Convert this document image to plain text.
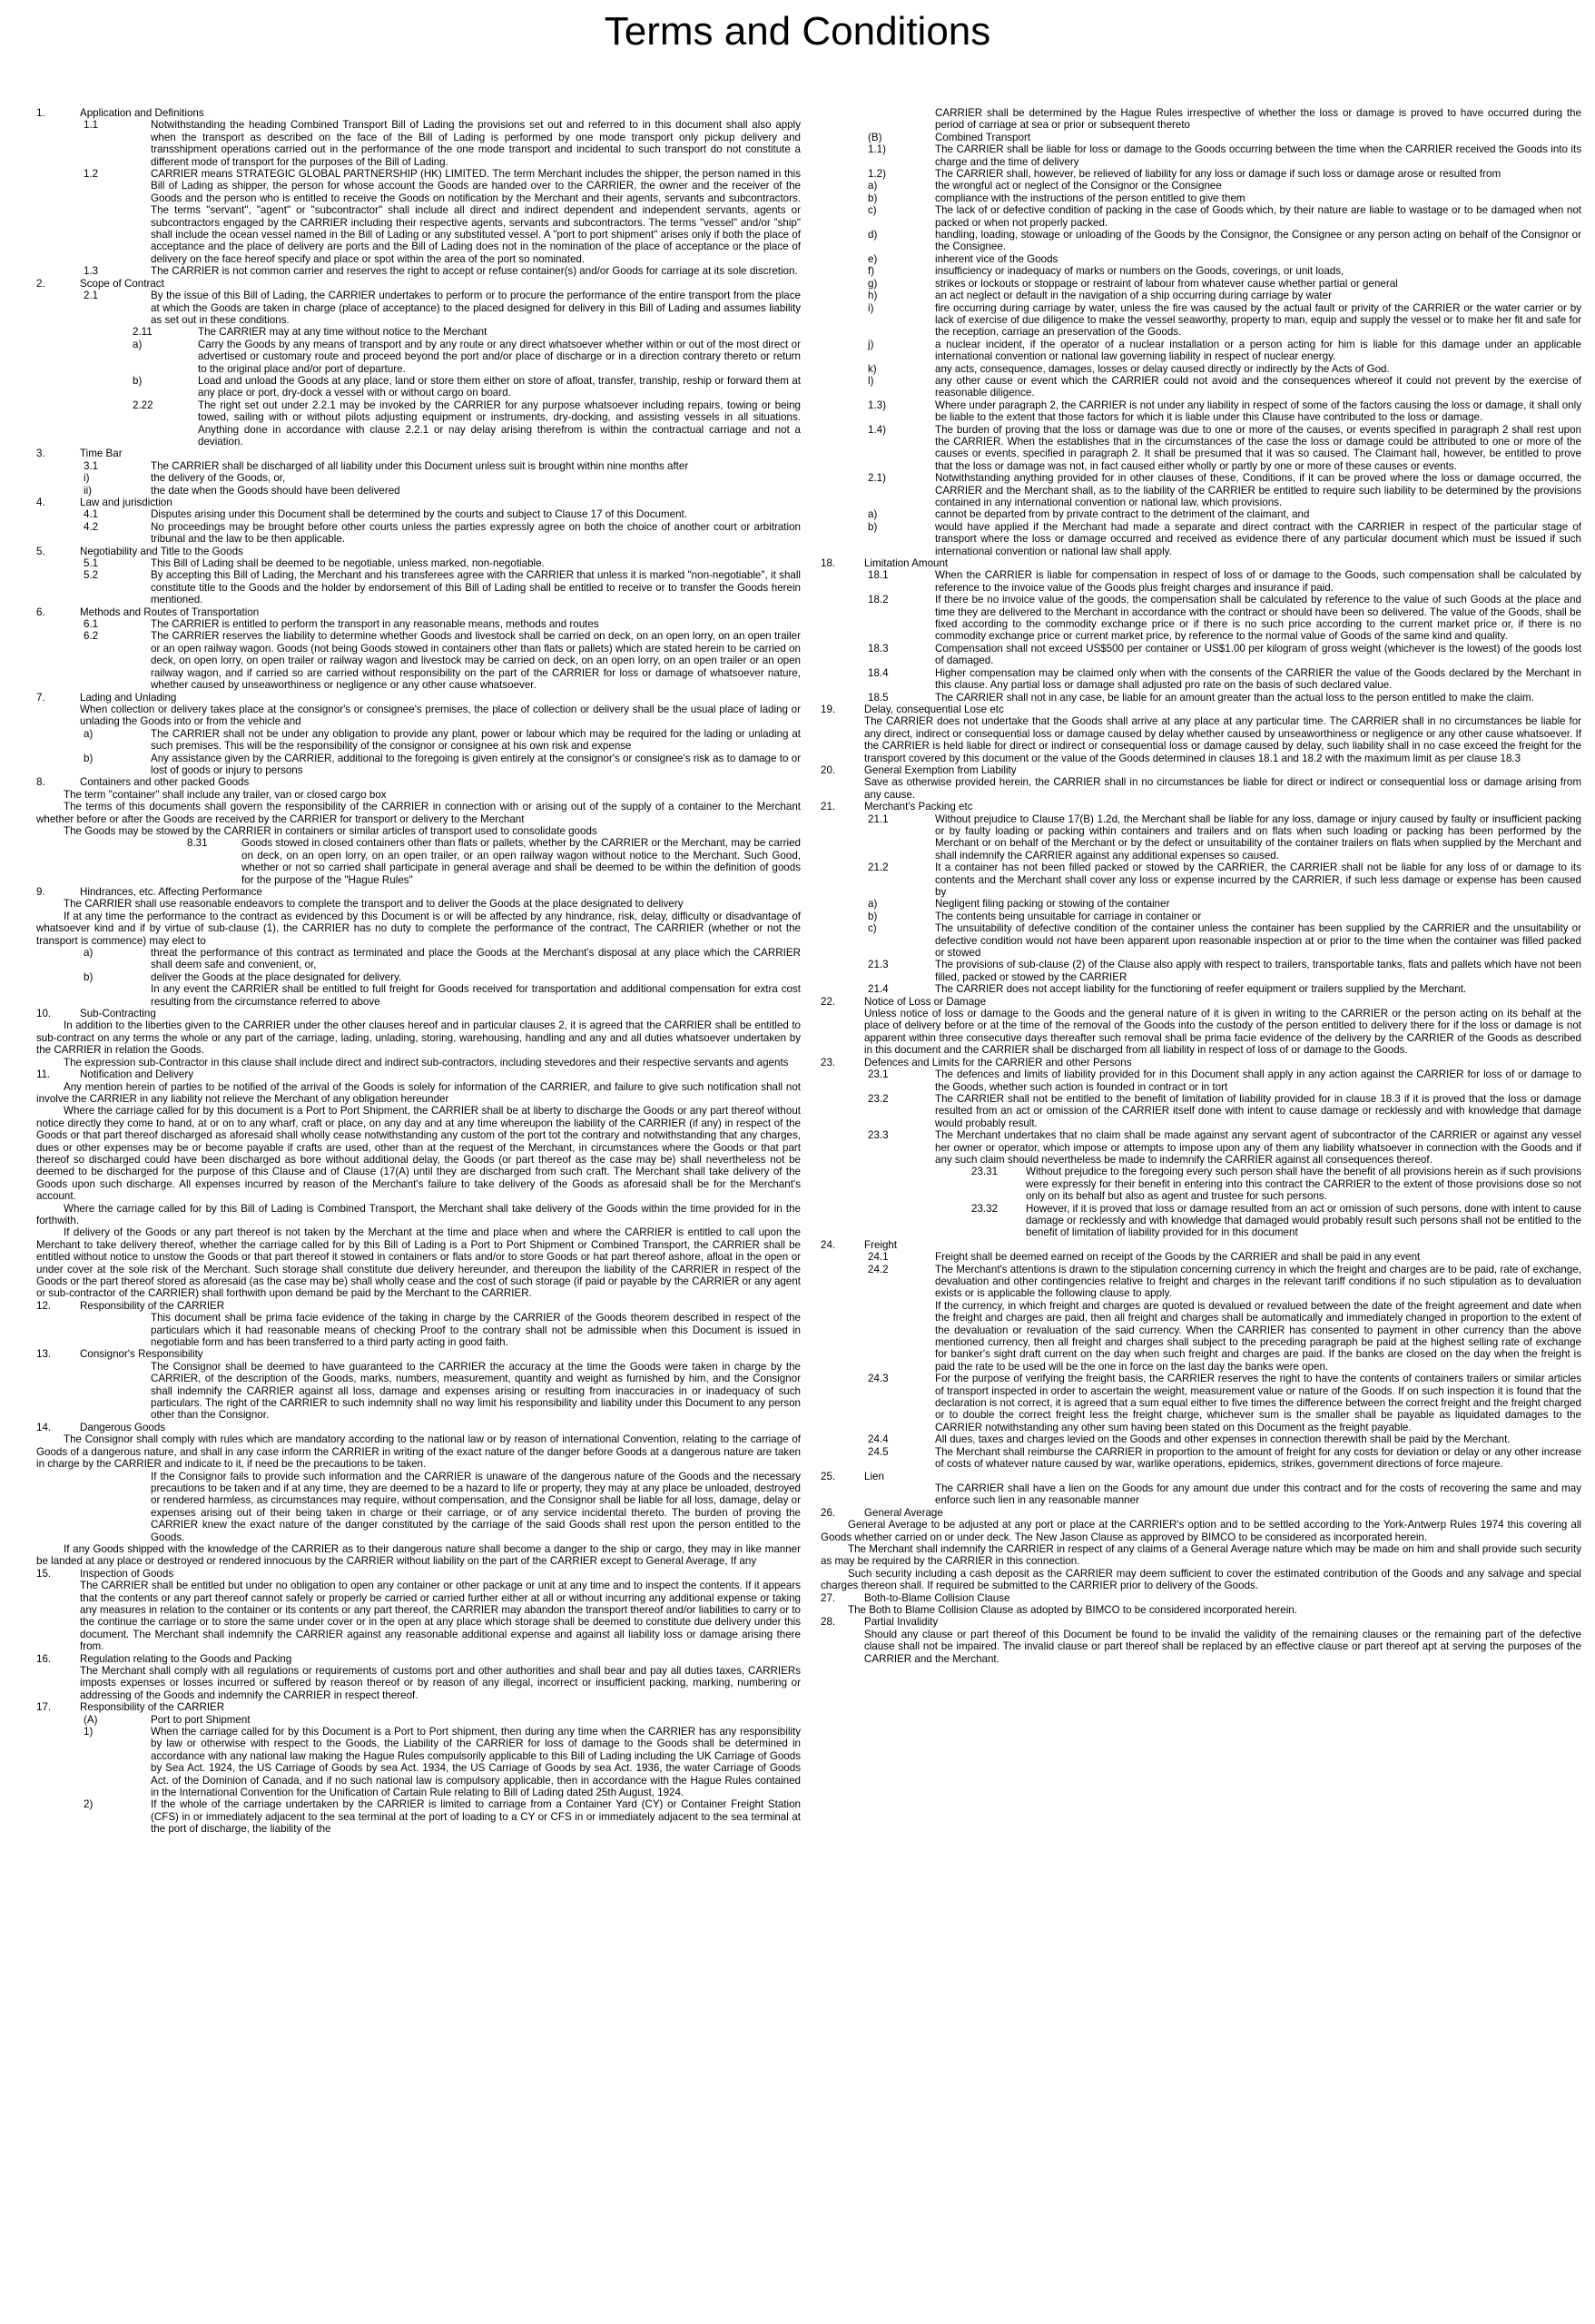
Terms and Conditions
1.	Application and Definitions
1.1	Notwithstanding the heading Combined Transport Bill of Lading the provisions set out and referred to in this document shall also apply when the transport as described on the face of the Bill of Lading is performed by one mode transport only pickup delivery and transshipment operations carried out in the performance of the one mode transport and incidental to such transport do not constitute a different mode of transport for the purposes of the Bill of Lading.
1.2	CARRIER means STRATEGIC GLOBAL PARTNERSHIP (HK) LIMITED. The term Merchant includes the shipper, the person named in this Bill of Lading as shipper, the person for whose account the Goods are handed over to the CARRIER, the owner and the receiver of the Goods and the person who is entitled to receive the Goods on notification by the Merchant and their agents, servants and subcontractors. The terms "servant", "agent" or "subcontractor" shall include all direct and indirect dependent and independent servants, agents or subcontractors engaged by the CARRIER including their respective agents, servants and subcontractors. The terms "vessel" and/or "ship" shall include the ocean vessel named in the Bill of Lading or any substituted vessel. A "port to port shipment" arises only if both the place of acceptance and the place of delivery are ports and the Bill of Lading does not in the nomination of the place of acceptance or the place of delivery on the face hereof specify and place or spot within the area of the port so nominated.
1.3	The CARRIER is not common carrier and reserves the right to accept or refuse container(s) and/or Goods for carriage at its sole discretion.
2.	Scope of Contract
2.1	By the issue of this Bill of Lading, the CARRIER undertakes to perform or to procure the performance of the entire transport from the place at which the Goods are taken in charge (place of acceptance) to the placed designed for delivery in this Bill of Lading and assumes liability as set out in these conditions.
2.11	The CARRIER may at any time without notice to the Merchant
a)	Carry the Goods by any means of transport and by any route or any direct whatsoever whether within or out of the most direct or advertised or customary route and proceed beyond the port and/or place of discharge or in a direction contrary thereto or return to the original place and/or port of departure.
b)	Load and unload the Goods at any place, land or store them either on store of afloat, transfer, tranship, reship or forward them at any place or port, dry-dock a vessel with or without cargo on board.
2.22	The right set out under 2.2.1 may be invoked by the CARRIER for any purpose whatsoever including repairs, towing or being towed, sailing with or without pilots adjusting equipment or instruments, dry-docking, and assisting vessels in all situations. Anything done in accordance with clause 2.2.1 or nay delay arising therefrom is within the contractual carriage and not a deviation.
3.	Time Bar
3.1	The CARRIER shall be discharged of all liability under this Document unless suit is brought within nine months after
i)	the delivery of the Goods, or,
ii)	the date when the Goods should have been delivered
4.	Law and jurisdiction
4.1	Disputes arising under this Document shall be determined by the courts and subject to Clause 17 of this Document.
4.2	No proceedings may be brought before other courts unless the parties expressly agree on both the choice of another court or arbitration tribunal and the law to be then applicable.
5.	Negotiability and Title to the Goods
5.1	This Bill of Lading shall be deemed to be negotiable, unless marked, non-negotiable.
5.2	By accepting this Bill of Lading, the Merchant and his transferees agree with the CARRIER that unless it is marked "non-negotiable", it shall constitute title to the Goods and the holder by endorsement of this Bill of Lading shall be entitled to receive or to transfer the Goods herein mentioned.
6.	Methods and Routes of Transportation
6.1	The CARRIER is entitled to perform the transport in any reasonable means, methods and routes
6.2	The CARRIER reserves the liability to determine whether Goods and livestock shall be carried on deck, on an open lorry, on an open trailer or an open railway wagon. Goods (not being Goods stowed in containers other than flats or pallets) which are stated herein to be carried on deck, on open lorry, on open trailer or railway wagon and livestock may be carried on deck, on an open lorry, on an open trailer or an open railway wagon, and if carried so are carried without responsibility on the part of the CARRIER for loss or damage of whatsoever nature, whether caused by unseaworthiness or negligence or any other cause whatsoever.
7.	Lading and Unlading
When collection or delivery takes place at the consignor's or consignee's premises, the place of collection or delivery shall be the usual place of lading or unlading the Goods into or from the vehicle and
a)	The CARRIER shall not be under any obligation to provide any plant, power or labour which may be required for the lading or unlading at such premises. This will be the responsibility of the consignor or consignee at his own risk and expense
b)	Any assistance given by the CARRIER, additional to the foregoing is given entirely at the consignor's or consignee's risk as to damage to or lost of goods or injury to persons
8.	Containers and other packed Goods
The term "container" shall include any trailer, van or closed cargo box
The terms of this documents shall govern the responsibility of the CARRIER in connection with or arising out of the supply of a container to the Merchant whether before or after the Goods are received by the CARRIER for transport or delivery to the Merchant
The Goods may be stowed by the CARRIER in containers or similar articles of transport used to consolidate goods
8.31	Goods stowed in closed containers other than flats or pallets, whether by the CARRIER or the Merchant, may be carried on deck, on an open lorry, on an open trailer, or an open railway wagon without notice to the Merchant. Such Good, whether or not so carried shall participate in general average and shall be deemed to be within the definition of goods for the purpose of the "Hague Rules"
9.	Hindrances, etc. Affecting Performance
The CARRIER shall use reasonable endeavors to complete the transport and to deliver the Goods at the place designated to delivery
If at any time the performance to the contract as evidenced by this Document is or will be affected by any hindrance, risk, delay, difficulty or disadvantage of whatsoever kind and if by virtue of sub-clause (1), the CARRIER has no duty to complete the performance of the contract, The CARRIER (whether or not the transport is commence) may elect to
a)	threat the performance of this contract as terminated and place the Goods at the Merchant's disposal at any place which the CARRIER shall deem safe and convenient, or,
b)	deliver the Goods at the place designated for delivery.
In any event the CARRIER shall be entitled to full freight for Goods received for transportation and additional compensation for extra cost resulting from the circumstance referred to above
10.	Sub-Contracting
In addition to the liberties given to the CARRIER under the other clauses hereof and in particular clauses 2, it is agreed that the CARRIER shall be entitled to sub-contract on any terms the whole or any part of the carriage, lading, unlading, storing, warehousing, handling and any and all duties whatsoever undertaken by the CARRIER in relation the Goods.
The expression sub-Contractor in this clause shall include direct and indirect sub-contractors, including stevedores and their respective servants and agents
11.	Notification and Delivery
Any mention herein of parties to be notified of the arrival of the Goods is solely for information of the CARRIER, and failure to give such notification shall not involve the CARRIER in any liability not relieve the Merchant of any obligation hereunder
Where the carriage called for by this document is a Port to Port Shipment, the CARRIER shall be at liberty to discharge the Goods or any part thereof without notice directly they come to hand, at or on to any wharf, craft or place, on any day and at any time whereupon the liability of the CARRIER (if any) in respect of the Goods or that part thereof discharged as aforesaid shall wholly cease notwithstanding any custom of the port tot the contrary and notwithstanding that any charges, dues or other expenses may be or become payable if crafts are used, other than at the request of the Merchant, in circumstances where the Goods or that part thereof so discharged could have been discharged as bore without additional delay, the Goods (or part thereof as the case may be) shall nevertheless not be deemed to be discharged for the purpose of this Clause and of Clause (17(A) until they are discharged from such craft. The Merchant shall take delivery of the Goods upon such discharge. All expenses incurred by reason of the Merchant's failure to take delivery of the Goods as aforesaid shall be for the Merchant's account.
Where the carriage called for by this Bill of Lading is Combined Transport, the Merchant shall take delivery of the Goods within the time provided for in the forthwith.
If delivery of the Goods or any part thereof is not taken by the Merchant at the time and place when and where the CARRIER is entitled to call upon the Merchant to take delivery thereof, whether the carriage called for by this Bill of Lading is a Port to Port Shipment or Combined Transport, the CARRIER shall be entitled without notice to unstow the Goods or that part thereof it stowed in containers or flats and/or to store Goods or hat part thereof ashore, afloat in the open or under cover at the sole risk of the Merchant. Such storage shall constitute due delivery hereunder, and thereupon the liability of the CARRIER in respect of the Goods or the part thereof stored as aforesaid (as the case may be) shall wholly cease and the cost of such storage (if paid or payable by the CARRIER or any agent or sub-contractor of the CARRIER) shall forthwith upon demand be paid by the Merchant to the CARRIER.
12.	Responsibility of the CARRIER
This document shall be prima facie evidence of the taking in charge by the CARRIER of the Goods theorem described in respect of the particulars which it had reasonable means of checking Proof to the contrary shall not be admissible when this Document is issued in negotiable form and has been transferred to a third party acting in good faith.
13.	Consignor's Responsibility
The Consignor shall be deemed to have guaranteed to the CARRIER the accuracy at the time the Goods were taken in charge by the CARRIER, of the description of the Goods, marks, numbers, measurement, quantity and weight as furnished by him, and the Consignor shall indemnify the CARRIER against all loss, damage and expenses arising or resulting from inaccuracies in or inadequacy of such particulars. The right of the CARRIER to such indemnity shall no way limit his responsibility and liability under this Document to any person other than the Consignor.
14.	Dangerous Goods
The Consignor shall comply with rules which are mandatory according to the national law or by reason of international Convention, relating to the carriage of Goods of a dangerous nature, and shall in any case inform the CARRIER in writing of the exact nature of the danger before Goods at a dangerous nature are taken in charge by the CARRIER and indicate to it, if need be the precautions to be taken.
If the Consignor fails to provide such information and the CARRIER is unaware of the dangerous nature of the Goods and the necessary precautions to be taken and if at any time, they are deemed to be a hazard to life or property, they may at any place be unloaded, destroyed or rendered harmless, as circumstances may require, without compensation, and the Consignor shall be liable for all loss, damage, delay or expenses arising out of their being taken in charge or their carriage, or of any service incidental thereto. The burden of proving the CARRIER knew the exact nature of the danger constituted by the carriage of the said Goods shall rest upon the person entitled to the Goods.
If any Goods shipped with the knowledge of the CARRIER as to their dangerous nature shall become a danger to the ship or cargo, they may in like manner be landed at any place or destroyed or rendered innocuous by the CARRIER without liability on the part of the CARRIER except to General Average, If any
15.	Inspection of Goods
The CARRIER shall be entitled but under no obligation to open any container or other package or unit at any time and to inspect the contents. If it appears that the contents or any part thereof cannot safely or properly be carried or carried further either at all or without incurring any additional expense or taking any measures in relation to the container or its contents or any part thereof, the CARRIER may abandon the transport thereof and/or liabilities to carry or to the continue the carriage or to store the same under cover or in the open at any place which storage shall be deemed to constitute due delivery under this document. The Merchant shall indemnify the CARRIER against any reasonable additional expense and against all liability loss or damage arising there from.
16.	Regulation relating to the Goods and Packing
The Merchant shall comply with all regulations or requirements of customs port and other authorities and shall bear and pay all duties taxes, CARRIERs imposts expenses or losses incurred or suffered by reason thereof or by reason of any illegal, incorrect or insufficient packing, marking, numbering or addressing of the Goods and indemnify the CARRIER in respect thereof.
17.	Responsibility of the CARRIER
(A)	Port to port Shipment
1)	When the carriage called for by this Document is a Port to Port shipment, then during any time when the CARRIER has any responsibility by law or otherwise with respect to the Goods, the Liability of the CARRIER for loss of damage to the Goods shall be determined in accordance with any national law making the Hague Rules compulsorily applicable to this Bill of Lading including the UK Carriage of Goods by Sea Act. 1924, the US Carriage of Goods by sea Act. 1934, the US Carriage of Goods by sea Act. 1936, the water Carriage of Goods Act. of the Dominion of Canada, and if no such national law is compulsory applicable, then in accordance with the Hague Rules contained in the International Convention for the Unification of Cartain Rule relating to Bill of Lading dated 25th August, 1924.
2)	If the whole of the carriage undertaken by the CARRIER is limited to carriage from a Container Yard (CY) or Container Freight Station (CFS) in or immediately adjacent to the sea terminal at the port of loading to a CY or CFS in or immediately adjacent to the sea terminal at the port of discharge, the liability of the
CARRIER shall be determined by the Hague Rules irrespective of whether the loss or damage is proved to have occurred during the period of carriage at sea or prior or subsequent thereto
(B)	Combined Transport
1.1)	The CARRIER shall be liable for loss or damage to the Goods occurring between the time when the CARRIER received the Goods into its charge and the time of delivery
1.2)	The CARRIER shall, however, be relieved of liability for any loss or damage if such loss or damage arose or resulted from
a)	the wrongful act or neglect of the Consignor or the Consignee
b)	compliance with the instructions of the person entitled to give them
c)	The lack of or defective condition of packing in the case of Goods which, by their nature are liable to wastage or to be damaged when not packed or when not properly packed.
d)	handling, loading, stowage or unloading of the Goods by the Consignor, the Consignee or any person acting on behalf of the Consignor or the Consignee.
e)	inherent vice of the Goods
f)	insufficiency or inadequacy of marks or numbers on the Goods, coverings, or unit loads,
g)	strikes or lockouts or stoppage or restraint of labour from whatever cause whether partial or general
h)	an act neglect or default in the navigation of a ship occurring during carriage by water
i)	fire occurring during carriage by water, unless the fire was caused by the actual fault or privity of the CARRIER or the water carrier or by lack of exercise of due diligence to make the vessel seaworthy, property to man, equip and supply the vessel or to make her fit and safe for the reception, carriage an preservation of the Goods.
j)	a nuclear incident, if the operator of a nuclear installation or a person acting for him is liable for this damage under an applicable international convention or national law governing liability in respect of nuclear energy.
k)	any acts, consequence, damages, losses or delay caused directly or indirectly by the Acts of God.
l)	any other cause or event which the CARRIER could not avoid and the consequences whereof it could not prevent by the exercise of reasonable diligence.
1.3)	Where under paragraph 2, the CARRIER is not under any liability in respect of some of the factors causing the loss or damage, it shall only be liable to the extent that those factors for which it is liable under this Clause have contributed to the loss or damage.
1.4)	The burden of proving that the loss or damage was due to one or more of the causes, or events specified in paragraph 2 shall rest upon the CARRIER. When the establishes that in the circumstances of the case the loss or damage could be attributed to one or more of the causes or events, specified in paragraph 2. It shall be presumed that it was so caused. The Claimant hall, however, be entitled to prove that the loss or damage was not, in fact caused either wholly or partly by one or more of these causes or events.
2.1)	Notwithstanding anything provided for in other clauses of these, Conditions, if it can be proved where the loss or damage occurred, the CARRIER and the Merchant shall, as to the liability of the CARRIER be entitled to require such liability to be determined by the provisions contained in any international convention or national law, which provisions.
a)	cannot be departed from by private contract to the detriment of the claimant, and
b)	would have applied if the Merchant had made a separate and direct contract with the CARRIER in respect of the particular stage of transport where the loss or damage occurred and received as evidence there of any particular document which must be issued if such international convention or national law shall apply.
18.	Limitation Amount
18.1	When the CARRIER is liable for compensation in respect of loss of or damage to the Goods, such compensation shall be calculated by reference to the invoice value of the Goods plus freight charges and insurance if paid.
18.2	If there be no invoice value of the goods, the compensation shall be calculated by reference to the value of such Goods at the place and time they are delivered to the Merchant in accordance with the contract or should have been so delivered. The value of the Goods, shall be fixed according to the commodity exchange price or if there is no such price according to the current market price or, if there is no commodity exchange price or current market price, by reference to the normal value of Goods of the same kind and quality.
18.3	Compensation shall not exceed US$500 per container or US$1.00 per kilogram of gross weight (whichever is the lowest) of the goods lost of damaged.
18.4	Higher compensation may be claimed only when with the consents of the CARRIER the value of the Goods declared by the Merchant in this clause. Any partial loss or damage shall adjusted pro rate on the basis of such declared value.
18.5	The CARRIER shall not in any case, be liable for an amount greater than the actual loss to the person entitled to make the claim.
19.	Delay, consequential Lose etc
The CARRIER does not undertake that the Goods shall arrive at any place at any particular time. The CARRIER shall in no circumstances be liable for any direct, indirect or consequential loss or damage caused by delay whether caused by unseaworthiness or negligence or any other cause whatsoever. If the CARRIER is held liable for direct or indirect or consequential loss or damage caused by delay, such liability shall in no case exceed the freight for the transport covered by this document or the value of the Goods determined in clauses 18.1 and 18.2 with the maximum limit as per clause 18.3
20.	General Exemption from Liability
Save as otherwise provided herein, the CARRIER shall in no circumstances be liable for direct or indirect or consequential loss or damage arising from any cause.
21.	Merchant's Packing etc
21.1	Without prejudice to Clause 17(B) 1.2d, the Merchant shall be liable for any loss, damage or injury caused by faulty or insufficient packing or by faulty loading or packing within containers and trailers and on flats when such loading or packing has been performed by the Merchant or on behalf of the Merchant or by the defect or unsuitability of the container trailers on flats when supplied by the Merchant and shall indemnify the CARRIER against any additional expenses so caused.
21.2	It a container has not been filled packed or stowed by the CARRIER, the CARRIER shall not be liable for any loss of or damage to its contents and the Merchant shall cover any loss or expense incurred by the CARRIER, if such less damage or expense has been caused by
a)	Negligent filing packing or stowing of the container
b)	The contents being unsuitable for carriage in container or
c)	The unsuitability of defective condition of the container unless the container has been supplied by the CARRIER and the unsuitability or defective condition would not have been apparent upon reasonable inspection at or prior to the time when the container was filled packed or stowed
21.3	The provisions of sub-clause (2) of the Clause also apply with respect to trailers, transportable tanks, flats and pallets which have not been filled, packed or stowed by the CARRIER
21.4	The CARRIER does not accept liability for the functioning of reefer equipment or trailers supplied by the Merchant.
22.	Notice of Loss or Damage
Unless notice of loss or damage to the Goods and the general nature of it is given in writing to the CARRIER or the person acting on its behalf at the place of delivery before or at the time of the removal of the Goods into the custody of the person entitled to delivery there for if the loss or damage is not apparent within three consecutive days thereafter such removal shall be prima facie evidence of the delivery by the CARRIER of the Goods as described in this document and the CARRIER shall be discharged from all liability in respect of loss of or damage to the Goods.
23.	Defences and Limits for the CARRIER and other Persons
23.1	The defences and limits of liability provided for in this Document shall apply in any action against the CARRIER for loss of or damage to the Goods, whether such action is founded in contract or in tort
23.2	The CARRIER shall not be entitled to the benefit of limitation of liability provided for in clause 18.3 if it is proved that the loss or damage resulted from an act or omission of the CARRIER itself done with intent to cause damage or recklessly and with knowledge that damage would probably result.
23.3	The Merchant undertakes that no claim shall be made against any servant agent of subcontractor of the CARRIER or against any vessel her owner or operator, which impose or attempts to impose upon any of them any liability whatsoever in connection with the Goods and if any such claim should nevertheless be made to indemnify the CARRIER against all consequences thereof.
23.31	Without prejudice to the foregoing every such person shall have the benefit of all provisions herein as if such provisions were expressly for their benefit in entering into this contract the CARRIER to the extent of those provisions dose so not only on its behalf but also as agent and trustee for such persons.
23.32	However, if it is proved that loss or damage resulted from an act or omission of such persons, done with intent to cause damage or recklessly and with knowledge that damaged would probably result such persons shall not be entitled to the benefit of limitation of liability provided for in this document
24.	Freight
24.1	Freight shall be deemed earned on receipt of the Goods by the CARRIER and shall be paid in any event
24.2	The Merchant's attentions is drawn to the stipulation concerning currency in which the freight and charges are to be paid, rate of exchange, devaluation and other contingencies relative to freight and charges in the relevant tariff conditions if no such stipulation as to devaluation exists or is applicable the following clause to apply.
If the currency, in which freight and charges are quoted is devalued or revalued between the date of the freight agreement and date when the freight and charges are paid, then all freight and charges shall be automatically and immediately changed in proportion to the extent of the devaluation or revaluation of the said currency. When the CARRIER has consented to payment in other currency than the above mentioned currency, then all freight and charges shall subject to the preceding paragraph be paid at the highest selling rate of exchange for banker's sight draft current on the day when such freight and charges are paid. If the banks are closed on the day when the freight is paid the rate to be used will be the one in force on the last day the banks were open.
24.3	For the purpose of verifying the freight basis, the CARRIER reserves the right to have the contents of containers trailers or similar articles of transport inspected in order to ascertain the weight, measurement value or nature of the Goods. If on such inspection it is found that the declaration is not correct, it is agreed that a sum equal either to five times the difference between the correct freight and the freight charged or to double the correct freight less the freight charge, whichever sum is the smaller shall be payable as liquidated damages to the CARRIER notwithstanding any other sum having been stated on this Document as the freight payable.
24.4	All dues, taxes and charges levied on the Goods and other expenses in connection therewith shall be paid by the Merchant.
24.5	The Merchant shall reimburse the CARRIER in proportion to the amount of freight for any costs for deviation or delay or any other increase of costs of whatever nature caused by war, warlike operations, epidemics, strikes, government directions of force majeure.
25.	Lien
The CARRIER shall have a lien on the Goods for any amount due under this contract and for the costs of recovering the same and may enforce such lien in any reasonable manner
26.	General Average
General Average to be adjusted at any port or place at the CARRIER's option and to be settled according to the York-Antwerp Rules 1974 this covering all Goods whether carried on or under deck. The New Jason Clause as approved by BIMCO to be considered as incorporated herein.
The Merchant shall indemnify the CARRIER in respect of any claims of a General Average nature which may be made on him and shall provide such security as may be required by the CARRIER in this connection.
Such security including a cash deposit as the CARRIER may deem sufficient to cover the estimated contribution of the Goods and any salvage and special charges thereon shall. If required be submitted to the CARRIER prior to delivery of the Goods.
27.	Both-to-Blame Collision Clause
The Both to Blame Collision Clause as adopted by BIMCO to be considered incorporated herein.
28.	Partial Invalidity
Should any clause or part thereof of this Document be found to be invalid the validity of the remaining clauses or the remaining part of the defective clause shall not be impaired. The invalid clause or part thereof shall be replaced by an effective clause or part thereof apt at serving the purposes of the CARRIER and the Merchant.
